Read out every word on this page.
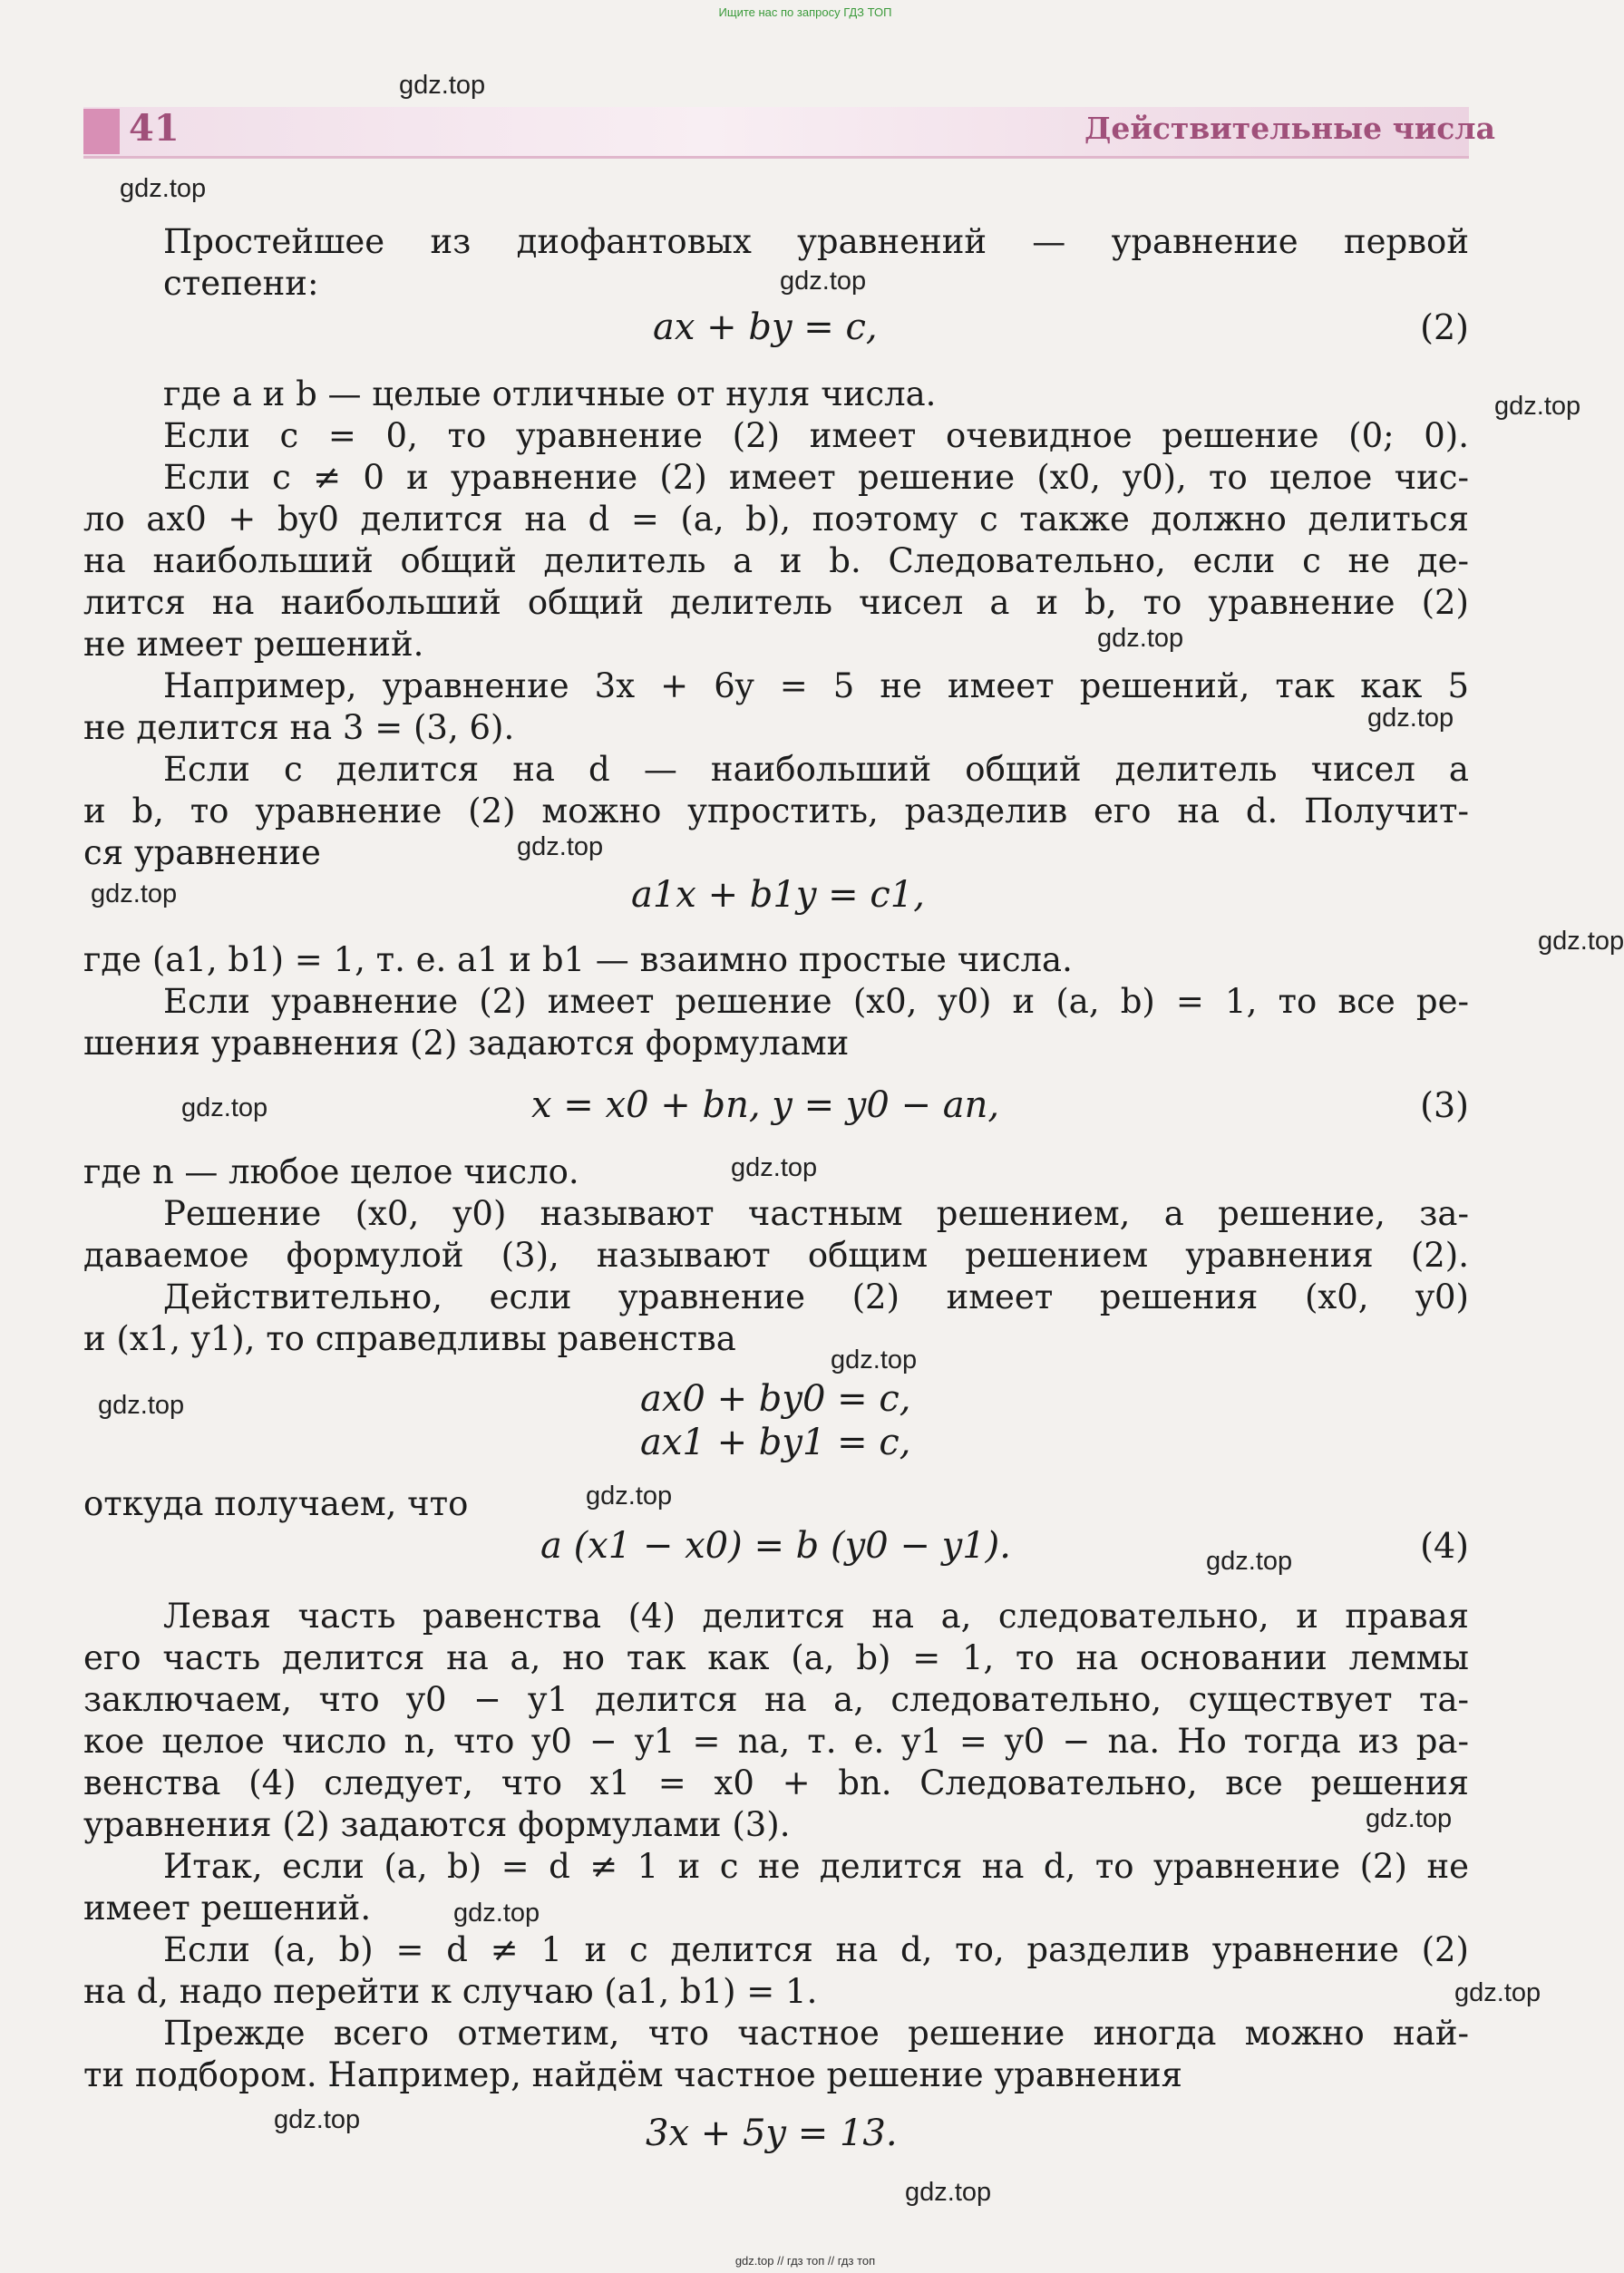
Ищите нас по запросу ГДЗ ТОП
gdz.top // гдз топ // гдз топ
41	Действительные числа
Простейшее из диофантовых уравнений — уравнение первой
степени:
ax + by = c,	(2)
где a и b — целые отличные от нуля числа.
Если c = 0, то уравнение (2) имеет очевидное решение (0; 0).
Если c ≠ 0 и уравнение (2) имеет решение (x0, y0), то целое чис-
ло ax0 + by0 делится на d = (a, b), поэтому c также должно делиться
на наибольший общий делитель a и b. Следовательно, если c не де-
лится на наибольший общий делитель чисел a и b, то уравнение (2)
не имеет решений.
Например, уравнение 3x + 6y = 5 не имеет решений, так как 5
не делится на 3 = (3, 6).
Если c делится на d — наибольший общий делитель чисел a
и b, то уравнение (2) можно упростить, разделив его на d. Получит-
ся уравнение
a1x + b1y = c1,
где (a1, b1) = 1, т. е. a1 и b1 — взаимно простые числа.
Если уравнение (2) имеет решение (x0, y0) и (a, b) = 1, то все ре-
шения уравнения (2) задаются формулами
x = x0 + bn, y = y0 − an,	(3)
где n — любое целое число.
Решение (x0, y0) называют частным решением, а решение, за-
даваемое формулой (3), называют общим решением уравнения (2).
Действительно, если уравнение (2) имеет решения (x0, y0)
и (x1, y1), то справедливы равенства
ax0 + by0 = c,
ax1 + by1 = c,
откуда получаем, что
a (x1 − x0) = b (y0 − y1).	(4)
Левая часть равенства (4) делится на a, следовательно, и правая
его часть делится на a, но так как (a, b) = 1, то на основании леммы
заключаем, что y0 − y1 делится на a, следовательно, существует та-
кое целое число n, что y0 − y1 = na, т. е. y1 = y0 − na. Но тогда из ра-
венства (4) следует, что x1 = x0 + bn. Следовательно, все решения
уравнения (2) задаются формулами (3).
Итак, если (a, b) = d ≠ 1 и c не делится на d, то уравнение (2) не
имеет решений.
Если (a, b) = d ≠ 1 и c делится на d, то, разделив уравнение (2)
на d, надо перейти к случаю (a1, b1) = 1.
Прежде всего отметим, что частное решение иногда можно най-
ти подбором. Например, найдём частное решение уравнения
3x + 5y = 13.
gdz.top
gdz.top
gdz.top
gdz.top
gdz.top
gdz.top
gdz.top
gdz.top
gdz.top
gdz.top
gdz.top
gdz.top
gdz.top
gdz.top
gdz.top
gdz.top
gdz.top
gdz.top
gdz.top
gdz.top
